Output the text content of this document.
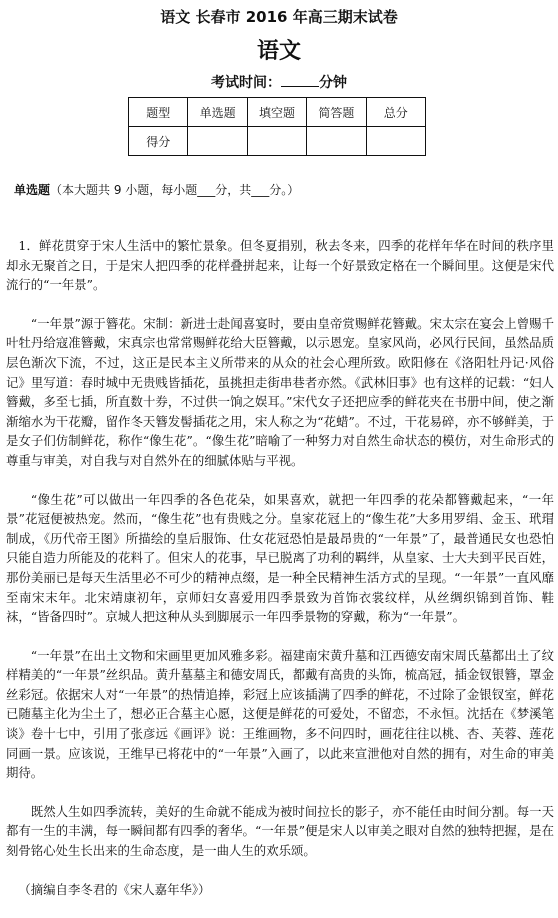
语文 长春市 2016 年高三期末试卷
语文
考试时间：	分钟
题型	单选题	填空题	简答题	总分
得分				
单选题（本大题共 9 小题，每小题___分，共___分。）

1．鲜花贯穿于宋人生活中的繁忙景象。但冬夏捐别，秋去冬来，四季的花样年华在时间的秩序里却永无聚首之日，于是宋人把四季的花样叠拼起来，让每一个好景致定格在一个瞬间里。这便是宋代流行的“一年景”。

“一年景”源于簪花。宋制：新进士赴闻喜宴时，要由皇帝赏赐鲜花簪戴。宋太宗在宴会上曾赐千叶牡丹给寇准簪戴，宋真宗也常常赐鲜花给大臣簪戴，以示恩宠。皇家风尚，必风行民间，虽然品质层色渐次下流，不过，这正是民本主义所带来的从众的社会心理所致。欧阳修在《洛阳牡丹记·风俗记》里写道：春时城中无贵贱皆插花，虽挑担走街串巷者亦然。《武林旧事》也有这样的记载：“妇人簪戴，多至七插，所直数十券，不过供一饷之娱耳。”宋代女子还把应季的鲜花夹在书册中间，使之渐渐缩水为干花瓣，留作冬天簪发髻插花之用，宋人称之为“花蜡”。不过，干花易碎，亦不够鲜美，于是女子们仿制鲜花，称作“像生花”。“像生花”暗喻了一种努力对自然生命状态的模仿，对生命形式的尊重与审美，对自我与对自然外在的细腻体贴与平视。

“像生花”可以做出一年四季的各色花朵，如果喜欢，就把一年四季的花朵都簪戴起来，“一年景”花冠便被热宠。然而，“像生花”也有贵贱之分。皇家花冠上的“像生花”大多用罗绢、金玉、玳瑁制成，《历代帝王图》所描绘的皇后服饰、仕女花冠恐怕是最昂贵的“一年景”了，最普通民女也恐怕只能自造力所能及的花料了。但宋人的花事，早已脱离了功利的羁绊，从皇家、士大夫到平民百姓，那份美丽已是每天生活里必不可少的精神点缀，是一种全民精神生活方式的呈现。“一年景”一直风靡至南宋末年。北宋靖康初年，京师妇女喜爱用四季景致为首饰衣裳纹样，从丝绸织锦到首饰、鞋袜，“皆备四时”。京城人把这种从头到脚展示一年四季景物的穿戴，称为“一年景”。

“一年景”在出土文物和宋画里更加风雅多彩。福建南宋黄升墓和江西德安南宋周氏墓都出土了纹样精美的“一年景”丝织品。黄升墓墓主和德安周氏，都戴有高贵的头饰，梳高冠，插金钗银簪，罩金丝彩冠。依据宋人对“一年景”的热情追捧，彩冠上应该插满了四季的鲜花，不过除了金银钗室，鲜花已随墓主化为尘土了，想必正合墓主心愿，这便是鲜花的可爱处，不留恋，不永恒。沈括在《梦溪笔谈》卷十七中，引用了张彦远《画评》说：王维画物，多不问四时，画花往往以桃、杏、芙蓉、莲花同画一景。应该说，王维早已将花中的“一年景”入画了，以此来宣泄他对自然的拥有，对生命的审美期待。

既然人生如四季流转，美好的生命就不能成为被时间拉长的影子，亦不能任由时间分割。每一天都有一生的丰满，每一瞬间都有四季的奢华。“一年景”便是宋人以审美之眼对自然的独特把握，是在刻骨铭心处生长出来的生命态度，是一曲人生的欢乐颂。

（摘编自李冬君的《宋人嘉年华》）
